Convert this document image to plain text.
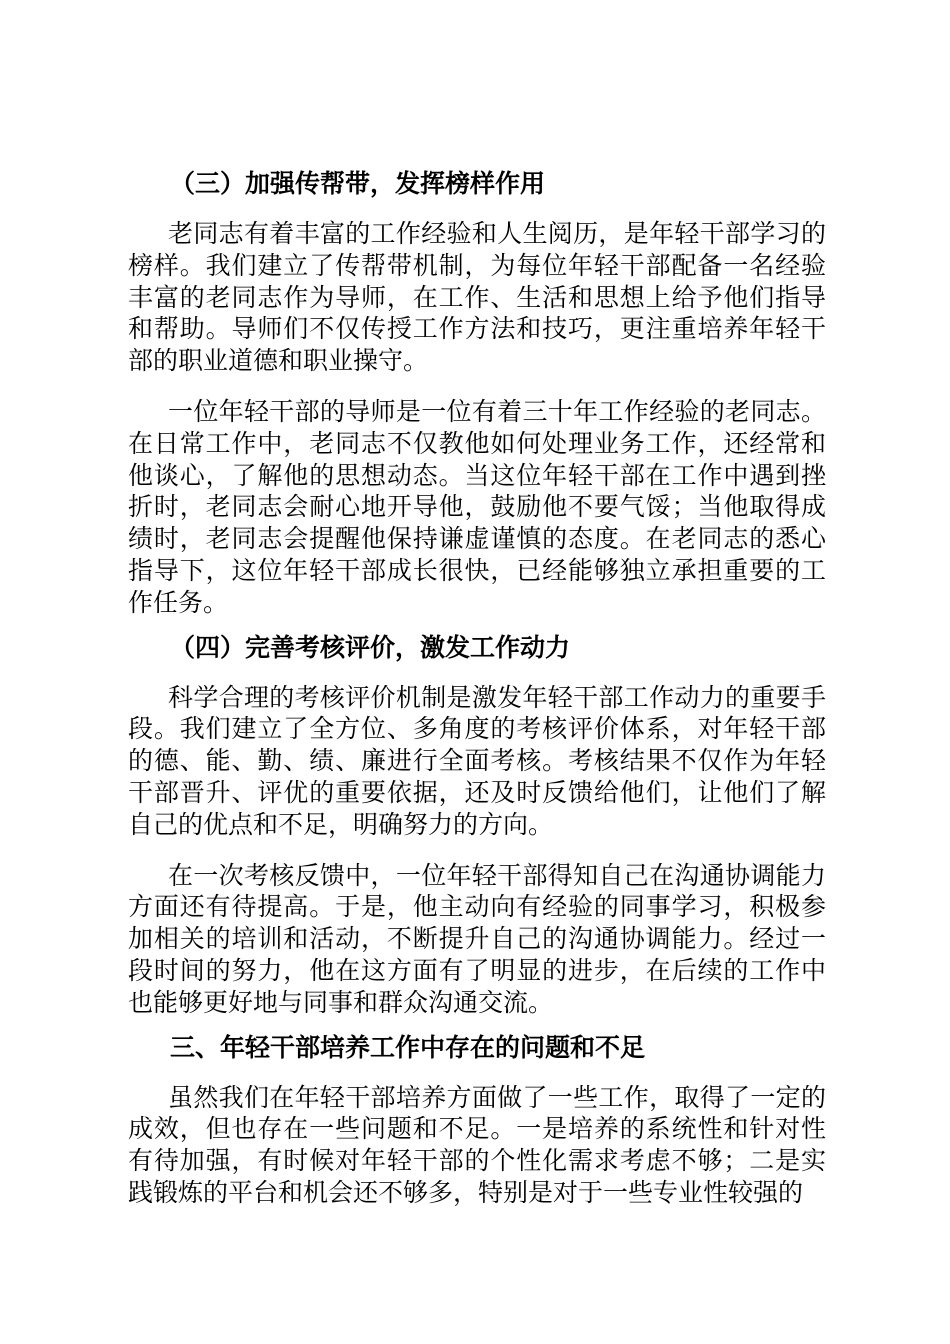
（三）加强传帮带，发挥榜样作用

老同志有着丰富的工作经验和人生阅历，是年轻干部学习的榜样。我们建立了传帮带机制，为每位年轻干部配备一名经验丰富的老同志作为导师，在工作、生活和思想上给予他们指导和帮助。导师们不仅传授工作方法和技巧，更注重培养年轻干部的职业道德和职业操守。

一位年轻干部的导师是一位有着三十年工作经验的老同志。在日常工作中，老同志不仅教他如何处理业务工作，还经常和他谈心，了解他的思想动态。当这位年轻干部在工作中遇到挫折时，老同志会耐心地开导他，鼓励他不要气馁；当他取得成绩时，老同志会提醒他保持谦虚谨慎的态度。在老同志的悉心指导下，这位年轻干部成长很快，已经能够独立承担重要的工作任务。

（四）完善考核评价，激发工作动力

科学合理的考核评价机制是激发年轻干部工作动力的重要手段。我们建立了全方位、多角度的考核评价体系，对年轻干部的德、能、勤、绩、廉进行全面考核。考核结果不仅作为年轻干部晋升、评优的重要依据，还及时反馈给他们，让他们了解自己的优点和不足，明确努力的方向。

在一次考核反馈中，一位年轻干部得知自己在沟通协调能力方面还有待提高。于是，他主动向有经验的同事学习，积极参加相关的培训和活动，不断提升自己的沟通协调能力。经过一段时间的努力，他在这方面有了明显的进步，在后续的工作中也能够更好地与同事和群众沟通交流。

三、年轻干部培养工作中存在的问题和不足

虽然我们在年轻干部培养方面做了一些工作，取得了一定的成效，但也存在一些问题和不足。一是培养的系统性和针对性有待加强，有时候对年轻干部的个性化需求考虑不够；二是实践锻炼的平台和机会还不够多，特别是对于一些专业性较强的
